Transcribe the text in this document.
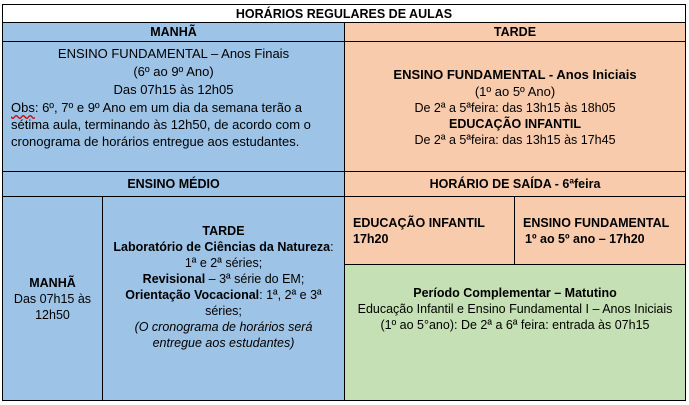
HORÁRIOS REGULARES DE AULAS
MANHÃ	TARDE

ENSINO FUNDAMENTAL – Anos Finais

(6º ao 9º Ano)

Das 07h15 às 12h05

Obs: 6º, 7º e 9º Ano em um dia da semana terão a sétima aula, terminando às 12h50, de acordo com o cronograma de horários entregue aos estudantes.

ENSINO FUNDAMENTAL - Anos Iniciais

(1º ao 5º Ano)

De 2ª a 5ªfeira: das 13h15 às 18h05

EDUCAÇÃO INFANTIL

De 2ª a 5ªfeira: das 13h15 às 17h45

ENSINO MÉDIO	HORÁRIO DE SAÍDA - 6ªfeira

MANHÃ

Das 07h15 às 12h50

TARDE

Laboratório de Ciências da Natureza: 1ª e 2ª séries;

Revisional – 3ª série do EM;

Orientação Vocacional: 1ª, 2ª e 3ª séries;

(O cronograma de horários será entregue aos estudantes)

EDUCAÇÃO INFANTIL

17h20

ENSINO FUNDAMENTAL

1º ao 5º ano – 17h20

Período Complementar – Matutino

Educação Infantil e Ensino Fundamental I – Anos Iniciais

(1º ao 5°ano): De 2ª a 6ª feira: entrada às 07h15
